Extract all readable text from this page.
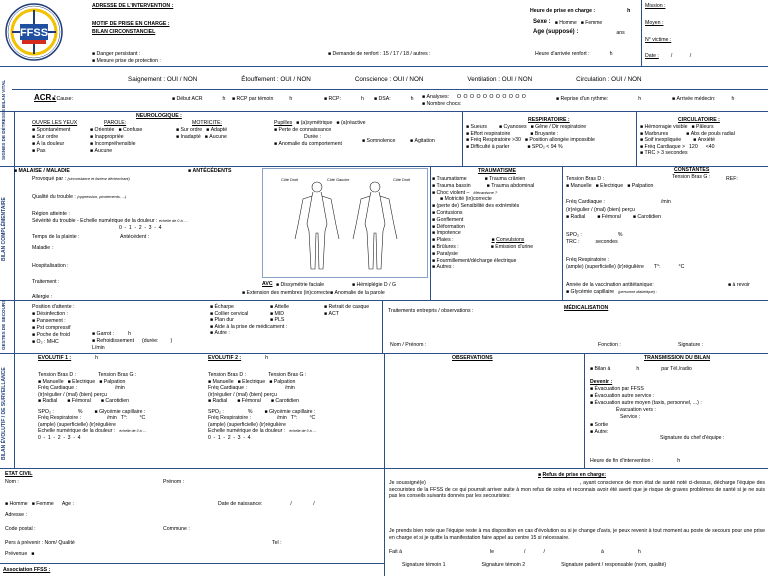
FFSS
ADRESSE DE L'INTERVENTION :
MOTIF DE PRISE EN CHARGE :
BILAN CIRCONSTANCIEL
■ Danger persistant :
■ Mesure prise de protection :
■ Demande de renfort : 15 / 17 / 18 / autres :
Heure de prise en charge :	h
Sexe :	■ Homme	■ Femme
Age (supposé) :	ans
Heure d'arrivée renfort :	h
Mission :
Moyen :
N° victime :
Date : / /
BILAN VITAL
Saignement : OUI / NON	Étouffement : OUI / NON	Conscience : OUI / NON	Ventilation : OUI / NON	Circulation : OUI / NON
ACR : ■ Cause:	■ Début ACR	h	■ RCP par témoin	h	■ RCP:	h	■ DSA:	h	■ Analyses: O O O O O O O O O O O
■ Nombre chocs:
■ Reprise d'un rythme:	h	■ Arrivée médecin:	h
SIGNES DE DÉTRESSE	NEUROLOGIQUE :
OUVRE LES YEUX
■ Spontanément
■ Sur ordre
■ À la douleur
■ Pas
PAROLE:
■ Orientée	■ Confuse
■ Inappropriée
■ Incompréhensible
■ Aucune
MOTRICITE:
■ Sur ordre	■ Adapté
■ Inadapté	■ Aucune
Pupilles	■ (a)symétrique	■ (a)réactive
■ Perte de connaissance
Durée :
■ Anomalie du comportement
■ Somnolence	■ Agitation
RESPIRATOIRE :
■ Sueurs	■ Cyanoses	■ Gêne / Dir respiratoire
■ Effort respiratoire	■ Bruyante :
■ Fréq Respiratoire >30	■ Position allongée impossible
■ Difficulté à parler	■ SPO₂ < 94 %
CIRCULATOIRE :
■ Hémorragie visible	■ Pâleurs
■ Marbrures	■ Abs de pouls radial
■ Soif inexpliquée	■ Anxiété
■ Fréq Cardiaque > 120 <40
■ TRC > 3 secondes
BILAN COMPLÉMENTAIRE
■ MALAISE / MALADIE	■ ANTÉCÉDENTS
Provoqué par : (circonstance et facteur déclenchant)
Qualité du trouble : (oppression, picotements, ...)
Région atteinte :
Sévérité du trouble - Echelle numérique de la douleur : échelle de 0 à ....
0 - 1 - 2 - 3 - 4
Temps de la plainte :	Antécédent :
Maladie :
Hospitalisation :
Traitement :
Allergie :
Côté Droit	Côté Gauche	Côté Droit
AVC	■ Dissymétrie faciale	■ Hémiplégie D / G
■ Extension des membres (in)correcte ■ Anomalie de la parole
TRAUMATISME
■ Traumatisme	■ Trauma crânien
■ Trauma bassin	■ Trauma abdominal
■ Choc violent – Mécanisme ?
■ Motricité (in)correcte
■ (perte de) Sensibilité des extrémités
■ Contusions
■ Gonflement
■ Déformation
■ Impotence
■ Plaies :	■ Convulsions
■ Brûlures :	■ Emission d'urine
■ Paralysie
■ Fourmillement/décharge électrique
■ Autres :
CONSTANTES
Tension Bras D :	Tension Bras G :	REF:
■ Manuelle	■ Electrique	■ Palpation
Fréq Cardiaque :	/min
(ir)régulier / (mal) (bien) perçu
■ Radial	■ Fémoral	■ Carotidien
SPO₂ :	%
TRC :	secondes
Fréq Respiratoire :
(ample) (superficielle) (ir)régulière T°:	°C
Année de la vaccination antitétanique:	■ à revoir
■ Glycémie capillaire (personne diabétique) :
GESTES DE SECOURS	Position d'attente :
■ Désinfection :
■ Pansement :
■ Pst compressif
■ Poche de froid
■ O₂ : MHC
■ Garrot :	h
■ Refroidissement (durée: )
L/min
■ Écharpe	■ Attelle	■ Retrait de casque
■ Collier cervical	■ MID	■ ACT
■ Plan dur	■ PLS
■ Aide à la prise de médicament :
■ Autre :
Traitements entrepris / observations :	MÉDICALISATION
Nom / Prénom :	Fonction :	Signature :
BILAN ÉVOLUTIF / DE SURVEILLANCE
EVOLUTIF 1 :	h	EVOLUTIF 2 :	h
Tension Bras D :	Tension Bras G :
■ Manuelle	■ Electrique	■ Palpation
Fréq Cardiaque :	/min
(ir)régulier / (mal) (bien) perçu
■ Radial	■ Fémoral	■ Carotidien
SPO₂ :	%	■ Glycémie capillaire :
Fréq Respiratoire :	/min T°: °C
(ample) (superficielle) (ir)régulière

Echelle numérique de la douleur : échelle de 0 à ....
0 - 1 - 2 - 3 - 4
Tension Bras D :	Tension Bras G :
■ Manuelle	■ Electrique	■ Palpation
Fréq Cardiaque :	/min
(ir)régulier / (mal) (bien) perçu
■ Radial	■ Fémoral	■ Carotidien
SPO₂ :	%	■ Glycémie capillaire :
Fréq Respiratoire :	/min T°: °C
(ample) (superficielle) (ir)régulière

Echelle numérique de la douleur : échelle de 0 à ....
0 - 1 - 2 - 3 - 4
OBSERVATIONS	TRANSMISSION DU BILAN
■ Bilan à	h	par Tél./radio
Devenir :
■ Évacuation par FFSS
■ Évacuation autre service :
■ Évacuation autre moyen (taxis, personnel, ...) :
Évacuation vers :
Service :
■ Sortie
■ Autre:
Signature du chef d'équipe :
Heure de fin d'intervention :	h
ETAT CIVIL
Nom :	Prénom :
■ Homme	■ Femme Age :	Date de naissance:	/ /
Adresse :
Code postal :	Commune :
Pers à prévenir : Nom/ Qualité	Tel :
Prévenue ■
Association FFSS :
■ Refus de prise en charge:
Je soussigné(e)	, ayant conscience de mon état de santé noté ci-dessus, décharge l'équipe des secouristes de la FFSS de ce qui pourrait arriver suite à mon refus de soins et reconnais avoir été averti que je risque de graves problèmes de santé si je ne suis pas les conseils suivants donnés par les secouristes:
Je prends bien note que l'équipe reste à ma disposition en cas d'évolution ou si je change d'avis, je peux revenir à tout moment au poste de secours pour une prise en charge et si je quitte la manifestation faire appel au centre 15 si nécessaire.
Fait à	le	/	/	à	h
Signature témoin 1	Signature témoin 2	Signature patient / responsable (nom, qualité)
